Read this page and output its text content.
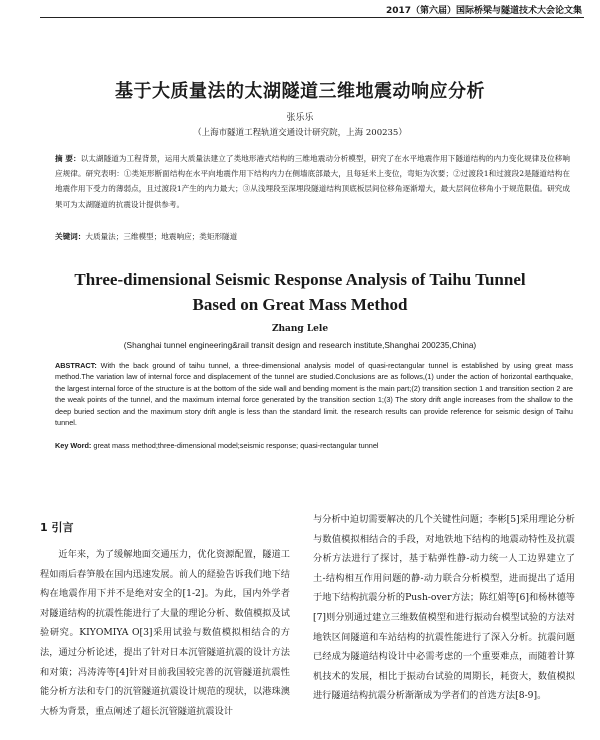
2017（第六届）国际桥梁与隧道技术大会论文集
基于大质量法的太湖隧道三维地震动响应分析
张乐乐
（上海市隧道工程轨道交通设计研究院，上海 200235）
摘 要：以太湖隧道为工程背景，运用大质量法建立了类地形港式结构的三维地震动分析模型，研究了在水平地震作用下隧道结构的内力变化规律及位移响应规律。研究表明：①类矩形断面结构在水平向地震作用下结构内力在侧墙底部最大，且每延米上变位，弯矩为次要；②过渡段1和过渡段2是隧道结构在地震作用下受力的薄弱点，且过渡段1产生的内力最大；③从浅埋段至深埋段隧道结构顶底板层间位移角逐渐增大，最大层间位移角小于规范限值。研究成果可为太湖隧道的抗震设计提供参考。
关键词：大质量法；三维模型；地震响应；类矩形隧道
Three-dimensional Seismic Response Analysis of Taihu Tunnel
Based on Great Mass Method
Zhang Lele
(Shanghai tunnel engineering&rail transit design and research institute,Shanghai 200235,China)
ABSTRACT: With the back ground of taihu tunnel, a three-dimensional analysis model of quasi-rectangular tunnel is established by using great mass method.The variation law of internal force and displacement of the tunnel are studied.Conclusions are as follows,(1) under the action of horizontal earthquake, the largest internal force of the structure is at the bottom of the side wall and bending moment is the main part;(2) transition section 1 and transition section 2 are the weak points of the tunnel, and the maximum internal force generated by the transition section 1;(3) The story drift angle increases from the shallow to the deep buried section and the maximum story drift angle is less than the standard limit. the research results can provide reference for seismic design of Taihu tunnel.
Key Word: great mass method;three-dimensional model;seismic response; quasi-rectangular tunnel
1 引言
近年来，为了缓解地面交通压力，优化资源配置，隧道工程如雨后春笋般在国内迅速发展。前人的経验告诉我们地下结构在地震作用下并不是绝对安全的[1-2]。为此，国内外学者对隧道结构的抗震性能进行了大量的理论分析、数值模拟及试验研究。KIYOMIYA O[3]采用试验与数值模拟相结合的方法，通过分析论述，提出了针对日本沉管隧道抗震的设计方法和对策；冯涛涛等[4]针对目前我国较完善的沉管隧道抗震性能分析方法和专门的沉管隧道抗震设计规范的现状，以港珠澳大桥为背景，重点阐述了超长沉管隧道抗震设计
与分析中迫切需要解决的几个关键性问题；李彬[5]采用理论分析与数值模拟相结合的手段，对地铁地下结构的地震动特性及抗震分析方法进行了探讨，基于粘弹性静-动力统一人工边界建立了土-结构相互作用问题的静-动力联合分析模型，进而提出了适用于地下结构抗震分析的Push-over方法；陈红娟等[6]和杨林德等[7]则分别通过建立三维数值模型和进行振动台模型试验的方法对地铁区间隧道和车站结构的抗震性能进行了深入分析。抗震问题已经成为隧道结构设计中必需考虑的一个重要难点，而随着计算机技术的发展，相比于振动台试验的周期长，耗资大，数值模拟进行隧道结构抗震分析渐渐成为学者们的首选方法[8-9]。
